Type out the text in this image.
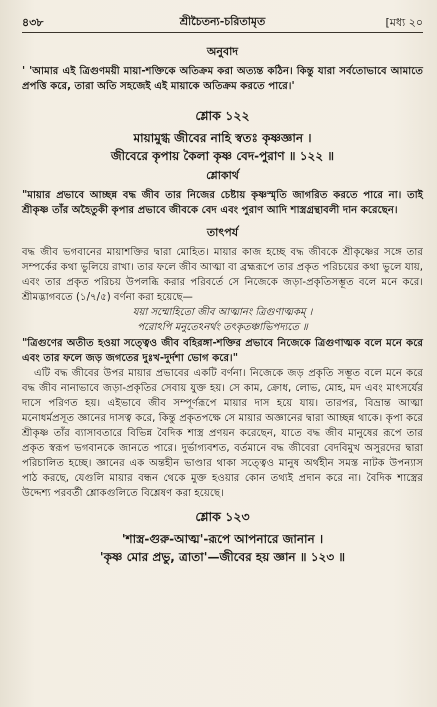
৪৩৮	শ্রীচৈতন্য-চরিতামৃত	[মধ্য ২০
অনুবাদ

' 'আমার এই ত্রিগুণময়ী মায়া-শক্তিকে অতিক্রম করা অত্যন্ত কঠিন। কিন্তু যারা সর্বতোভাবে আমাতে প্রপত্তি করে, তারা অতি সহজেই এই মায়াকে অতিক্রম করতে পারে।'

শ্লোক ১২২

মায়ামুগ্ধ জীবের নাহি স্বতঃ কৃষ্ণজ্ঞান ।

জীবেরে কৃপায় কৈলা কৃষ্ণ বেদ-পুরাণ ॥ ১২২ ॥

শ্লোকার্থ

"মায়ার প্রভাবে আচ্ছন্ন বদ্ধ জীব তার নিজের চেষ্টায় কৃষ্ণস্মৃতি জাগরিত করতে পারে না। তাই শ্রীকৃষ্ণ তাঁর অহৈতুকী কৃপার প্রভাবে জীবকে বেদ এবং পুরাণ আদি শাস্ত্রগ্রন্থাবলী দান করেছেন।

তাৎপর্য

বদ্ধ জীব ভগবানের মায়াশক্তির দ্বারা মোহিত। মায়ার কাজ হচ্ছে বদ্ধ জীবকে শ্রীকৃষ্ণের সঙ্গে তার সম্পর্কের কথা ভুলিয়ে রাখা। তার ফলে জীব আত্মা বা ব্রহ্মরূপে তার প্রকৃত পরিচয়ের কথা ভুলে যায়, এবং তার প্রকৃত পরিচয় উপলব্ধি করার পরিবর্তে সে নিজেকে জড়া-প্রকৃতিসম্ভূত বলে মনে করে। শ্রীমদ্ভাগবতে (১/৭/৫) বর্ণনা করা হয়েছে—

যয়া সম্মোহিতো জীব আত্মানং ত্রিগুণাত্মকম্ ।

পরোঽপি মনুতেঽনর্থং তৎকৃতঞ্চাভিপদ্যতে ॥

"ত্রিগুণের অতীত হওয়া সত্ত্বেও জীব বহিরঙ্গা-শক্তির প্রভাবে নিজেকে ত্রিগুণাত্মক বলে মনে করে এবং তার ফলে জড় জগতের দুঃখ-দুর্দশা ভোগ করে।"

এটি বদ্ধ জীবের উপর মায়ার প্রভাবের একটি বর্ণনা। নিজেকে জড় প্রকৃতি সম্ভূত বলে মনে করে বদ্ধ জীব নানাভাবে জড়া-প্রকৃতির সেবায় যুক্ত হয়। সে কাম, ক্রোধ, লোভ, মোহ, মদ এবং মাৎসর্যের দাসে পরিণত হয়। এইভাবে জীব সম্পূর্ণরূপে মায়ার দাস হয়ে যায়। তারপর, বিভ্রান্ত আত্মা মনোধর্মপ্রসূত জ্ঞানের দাসত্ব করে, কিন্তু প্রকৃতপক্ষে সে মায়ার অজ্ঞানের দ্বারা আচ্ছন্ন থাকে। কৃপা করে শ্রীকৃষ্ণ তাঁর ব্যাসাবতারে বিভিন্ন বৈদিক শাস্ত্র প্রণয়ন করেছেন, যাতে বদ্ধ জীব মানুষের রূপে তার প্রকৃত স্বরূপ ভগবানকে জানতে পারে। দুর্ভাগ্যবশত, বর্তমানে বদ্ধ জীবেরা বেদবিমুখ অসুরদের দ্বারা পরিচালিত হচ্ছে। জ্ঞানের এক অন্তহীন ভাণ্ডার থাকা সত্ত্বেও মানুষ অর্থহীন সমস্ত নাটক উপন্যাস পাঠ করছে, যেগুলি মায়ার বন্ধন থেকে মুক্ত হওয়ার কোন তথ্যই প্রদান করে না। বৈদিক শাস্ত্রের উদ্দেশ্য পরবর্তী শ্লোকগুলিতে বিশ্লেষণ করা হয়েছে।

শ্লোক ১২৩

'শাস্ত্র-গুরু-আত্ম'-রূপে আপনারে জানান ।

'কৃষ্ণ মোর প্রভু, ত্রাতা'—জীবের হয় জ্ঞান ॥ ১২৩ ॥
